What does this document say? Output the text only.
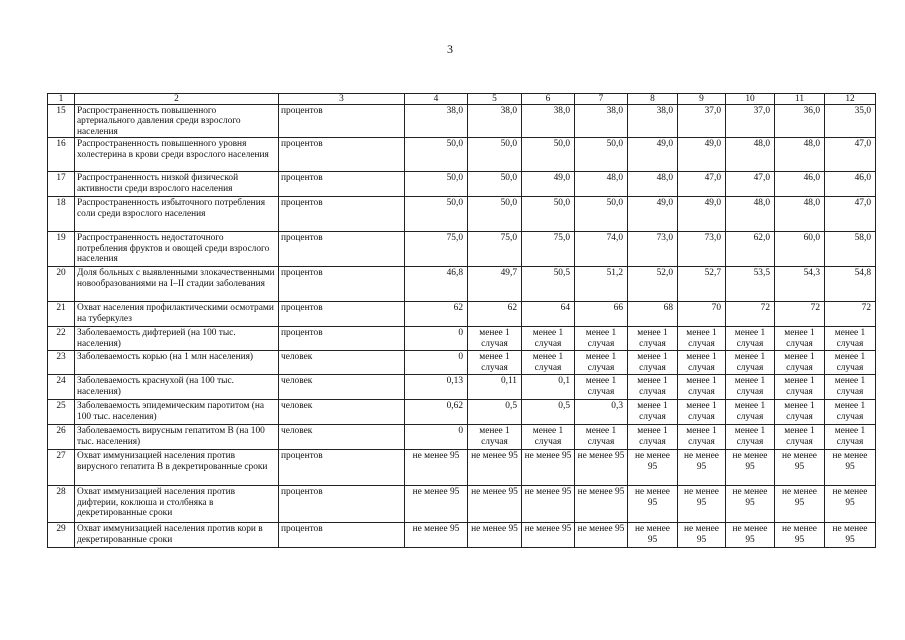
3
1	2	3	4	5	6	7	8	9	10	11	12
15	Распространенность повышенного артериального давления среди взрослого населения	процентов	38,0	38,0	38,0	38,0	38,0	37,0	37,0	36,0	35,0
16	Распространенность повышенного уровня холестерина в крови среди взрослого населения	процентов	50,0	50,0	50,0	50,0	49,0	49,0	48,0	48,0	47,0
17	Распространенность низкой физической активности среди взрослого населения	процентов	50,0	50,0	49,0	48,0	48,0	47,0	47,0	46,0	46,0
18	Распространенность избыточного потребления соли среди взрослого населения	процентов	50,0	50,0	50,0	50,0	49,0	49,0	48,0	48,0	47,0
19	Распространенность недостаточного потребления фруктов и овощей среди взрослого населения	процентов	75,0	75,0	75,0	74,0	73,0	73,0	62,0	60,0	58,0
20	Доля больных с выявленными злокачественными новообразованиями на I–II стадии заболевания	процентов	46,8	49,7	50,5	51,2	52,0	52,7	53,5	54,3	54,8
21	Охват населения профилактическими осмотрами на туберкулез	процентов	62	62	64	66	68	70	72	72	72
22	Заболеваемость дифтерией (на 100 тыс. населения)	процентов	0	менее 1 случая	менее 1 случая	менее 1 случая	менее 1 случая	менее 1 случая	менее 1 случая	менее 1 случая	менее 1 случая
23	Заболеваемость корью (на 1 млн населения)	человек	0	менее 1 случая	менее 1 случая	менее 1 случая	менее 1 случая	менее 1 случая	менее 1 случая	менее 1 случая	менее 1 случая
24	Заболеваемость краснухой (на 100 тыс. населения)	человек	0,13	0,11	0,1	менее 1 случая	менее 1 случая	менее 1 случая	менее 1 случая	менее 1 случая	менее 1 случая
25	Заболеваемость эпидемическим паротитом (на 100 тыс. населения)	человек	0,62	0,5	0,5	0,3	менее 1 случая	менее 1 случая	менее 1 случая	менее 1 случая	менее 1 случая
26	Заболеваемость вирусным гепатитом В (на 100 тыс. населения)	человек	0	менее 1 случая	менее 1 случая	менее 1 случая	менее 1 случая	менее 1 случая	менее 1 случая	менее 1 случая	менее 1 случая
27	Охват иммунизацией населения против вирусного гепатита В в декретированные сроки	процентов	не менее 95	не менее 95	не менее 95	не менее 95	не менее 95	не менее 95	не менее 95	не менее 95	не менее 95
28	Охват иммунизацией населения против дифтерии, коклюша и столбняка в декретированные сроки	процентов	не менее 95	не менее 95	не менее 95	не менее 95	не менее 95	не менее 95	не менее 95	не менее 95	не менее 95
29	Охват иммунизацией населения против кори в декретированные сроки	процентов	не менее 95	не менее 95	не менее 95	не менее 95	не менее 95	не менее 95	не менее 95	не менее 95	не менее 95
